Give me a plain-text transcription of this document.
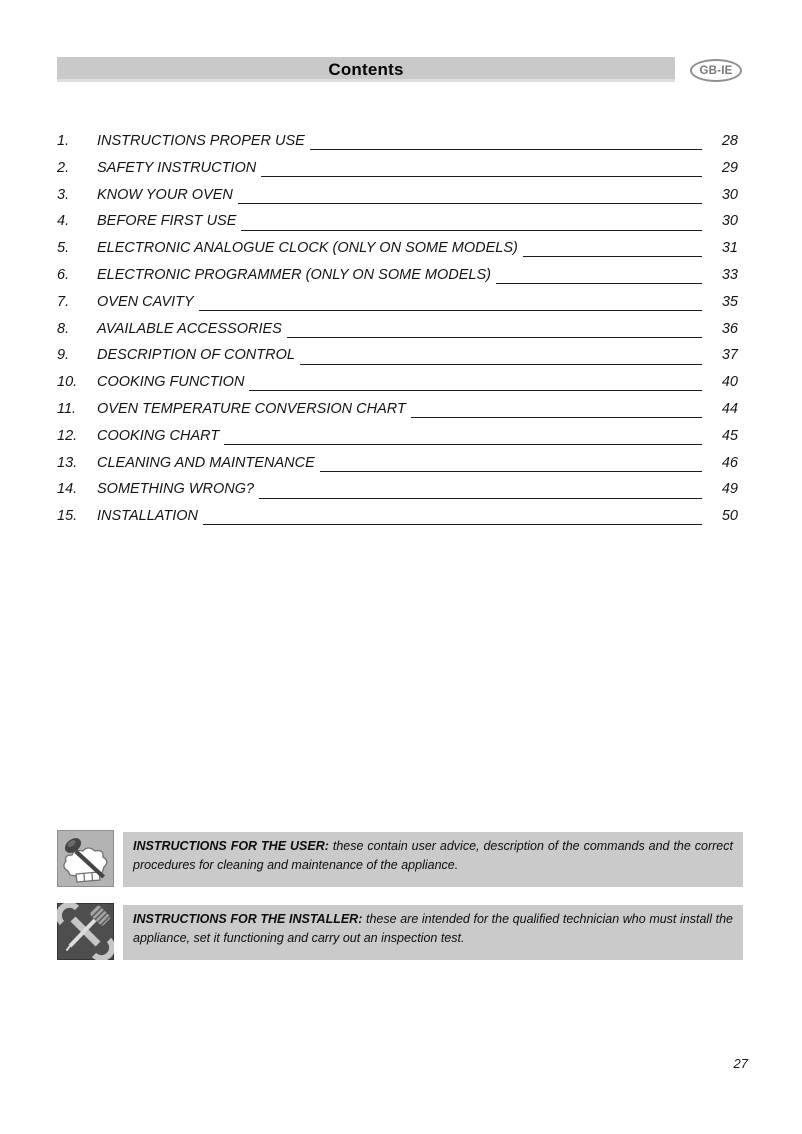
Contents	GB-IE
1.	INSTRUCTIONS PROPER USE	28
2.	SAFETY INSTRUCTION	29
3.	KNOW YOUR OVEN	30
4.	BEFORE FIRST USE	30
5.	ELECTRONIC ANALOGUE CLOCK (ONLY ON SOME MODELS)	31
6.	ELECTRONIC PROGRAMMER (ONLY ON SOME MODELS)	33
7.	OVEN CAVITY	35
8.	AVAILABLE ACCESSORIES	36
9.	DESCRIPTION OF CONTROL	37
10.	COOKING FUNCTION	40
11.	OVEN TEMPERATURE CONVERSION CHART	44
12.	COOKING CHART	45
13.	CLEANING AND MAINTENANCE	46
14.	SOMETHING WRONG?	49
15.	INSTALLATION	50

INSTRUCTIONS FOR THE USER: these contain user advice, description of the commands and the correct procedures for cleaning and maintenance of the appliance.

INSTRUCTIONS FOR THE INSTALLER: these are intended for the qualified technician who must install the appliance, set it functioning and carry out an inspection test.

27
